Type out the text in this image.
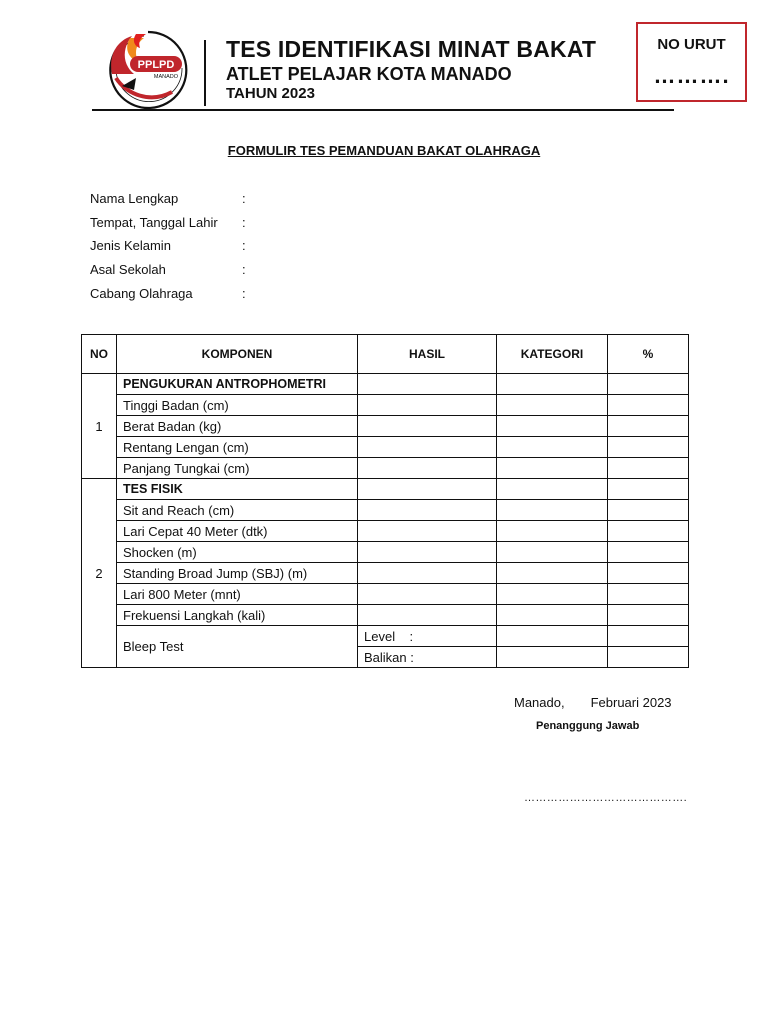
PPLPD
MANADO
TES IDENTIFIKASI MINAT BAKAT
ATLET PELAJAR KOTA MANADO
TAHUN 2023
NO URUT
……….
FORMULIR TES PEMANDUAN BAKAT OLAHRAGA
Nama Lengkap	:
Tempat, Tanggal Lahir :
Jenis Kelamin	:
Asal Sekolah	:
Cabang Olahraga	:
NO	KOMPONEN	HASIL	KATEGORI	%
1	PENGUKURAN ANTROPHOMETRI			
	Tinggi Badan (cm)			
	Berat Badan (kg)			
	Rentang Lengan (cm)			
	Panjang Tungkai (cm)			
2	TES FISIK			
	Sit and Reach (cm)			
	Lari Cepat 40 Meter (dtk)			
	Shocken (m)			
	Standing Broad Jump (SBJ) (m)			
	Lari 800 Meter (mnt)			
	Frekuensi Langkah (kali)			
	Bleep Test	Level    :		
		Balikan :		
Manado, Februari 2023
Penanggung Jawab
…………………………………….
